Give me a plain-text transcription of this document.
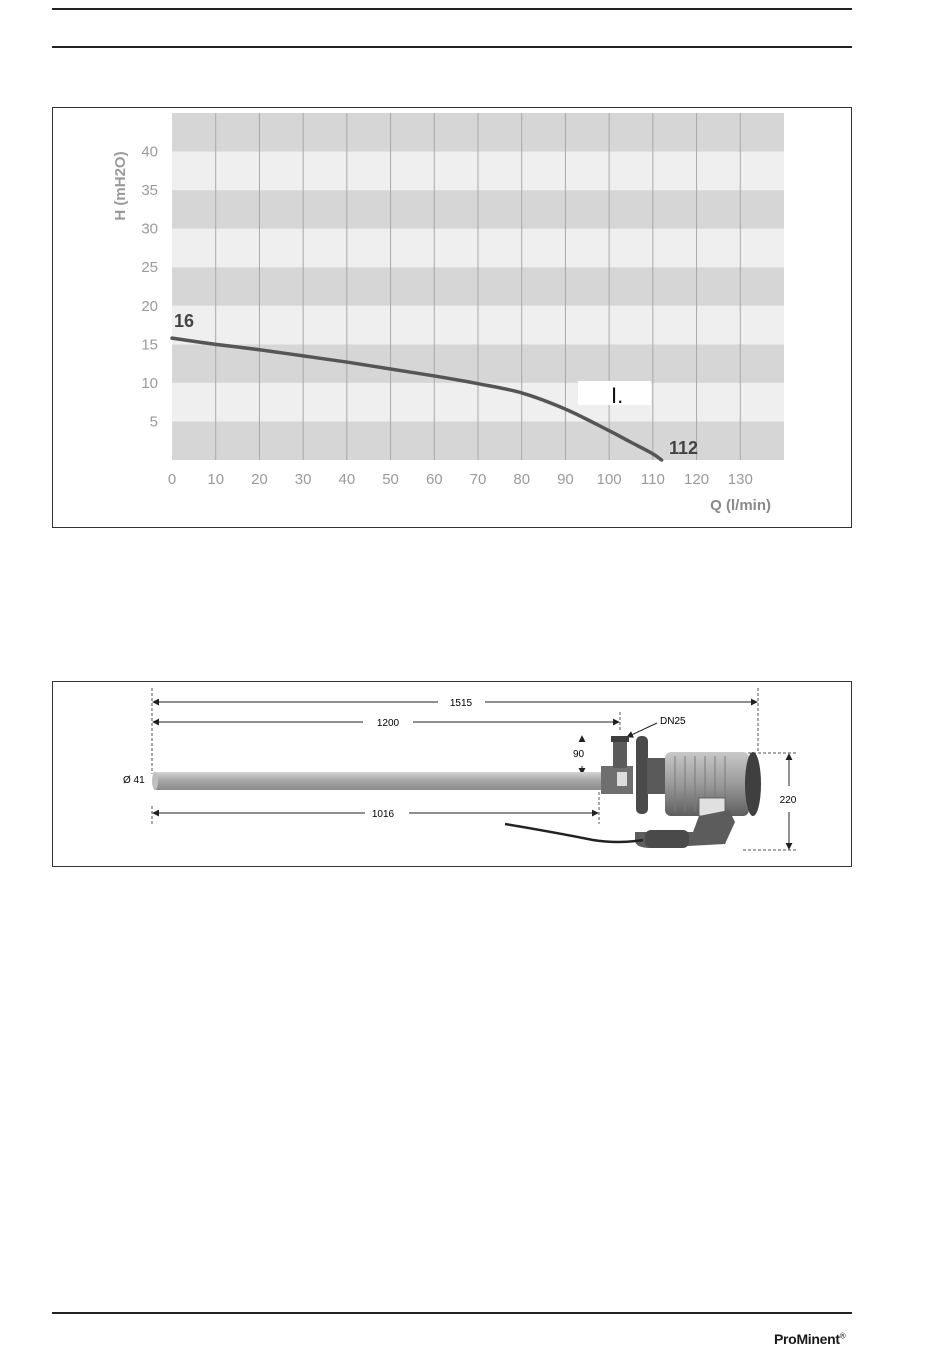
5
10
15
20
25
30
35
40
0 10 20 30 40 50 60 70 80 90 100 110 120 130
H (mH2O)
Q (l/min)
16
112
I.
1515
1200	DN25
90
Ø 41
1016
220
ProMinent®
